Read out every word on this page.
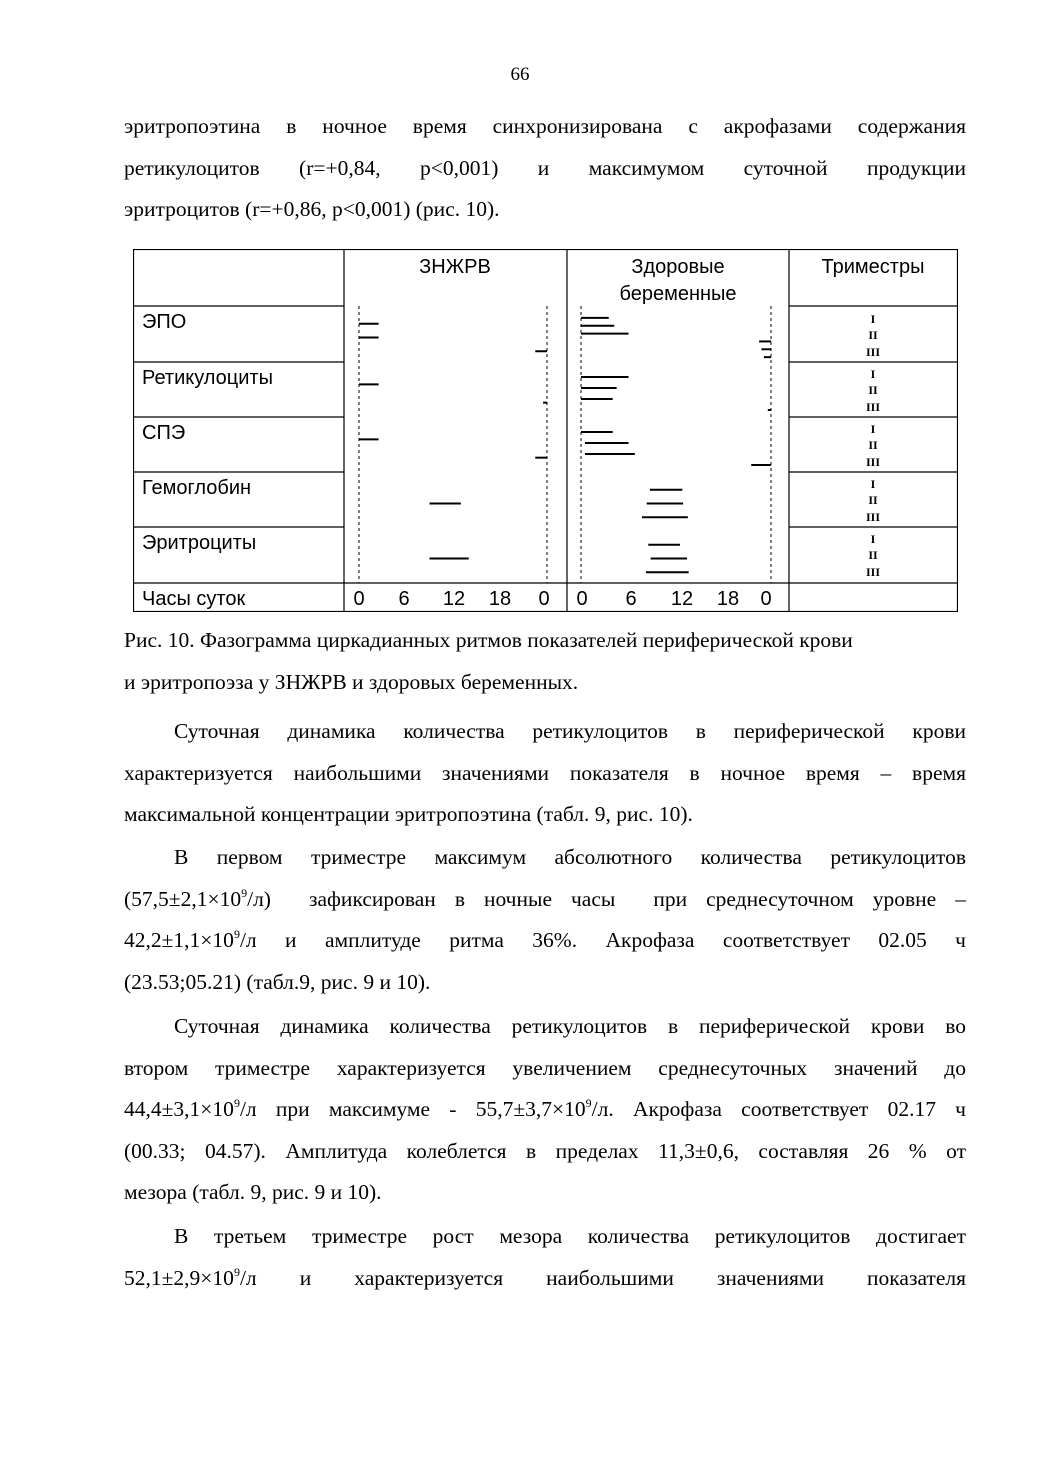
66
эритропоэтина в ночное время синхронизирована с акрофазами содержания
ретикулоцитов (r=+0,84, p<0,001) и максимумом суточной продукции
эритроцитов (r=+0,86, p<0,001) (рис. 10).
ЗНЖРВ	Здоровые
беременные
Триместры
ЭПО
Ретикулоциты
СПЭ
Гемоглобин
Эритроциты
Часы суток	0 6 12 18 0 0 6 12 18 0
I
II
III
I
II
III
I
II
III
I
II
III
I
II
III
Рис. 10. Фазограмма циркадианных ритмов показателей периферической крови
и эритропоэза у ЗНЖРВ и здоровых беременных.
Суточная динамика количества ретикулоцитов в периферической крови
характеризуется наибольшими значениями показателя в ночное время – время
максимальной концентрации эритропоэтина (табл. 9, рис. 10).
В первом триместре максимум абсолютного количества ретикулоцитов
$(57,5\pm 2,1\times 10^9/л)$  зафиксирован в ночные часы  при среднесуточном уровне –
$42,2\pm 1,1\times 10^9/л$ и амплитуде ритма 36%. Акрофаза соответствует 02.05 ч
(23.53;05.21) (табл.9, рис. 9 и 10).
Суточная динамика количества ретикулоцитов в периферической крови во
втором триместре характеризуется увеличением среднесуточных значений до
$44,4\pm 3,1\times 10^9/л$ при максимуме - $55,7\pm 3,7\times 10^9/л$. Акрофаза соответствует 02.17 ч
(00.33; 04.57). Амплитуда колеблется в пределах 11,3±0,6, составляя 26 % от
мезора (табл. 9, рис. 9 и 10).
В третьем триместре рост мезора количества ретикулоцитов достигает
$52,1\pm 2,9\times 10^9/л$ и характеризуется наибольшими значениями показателя
